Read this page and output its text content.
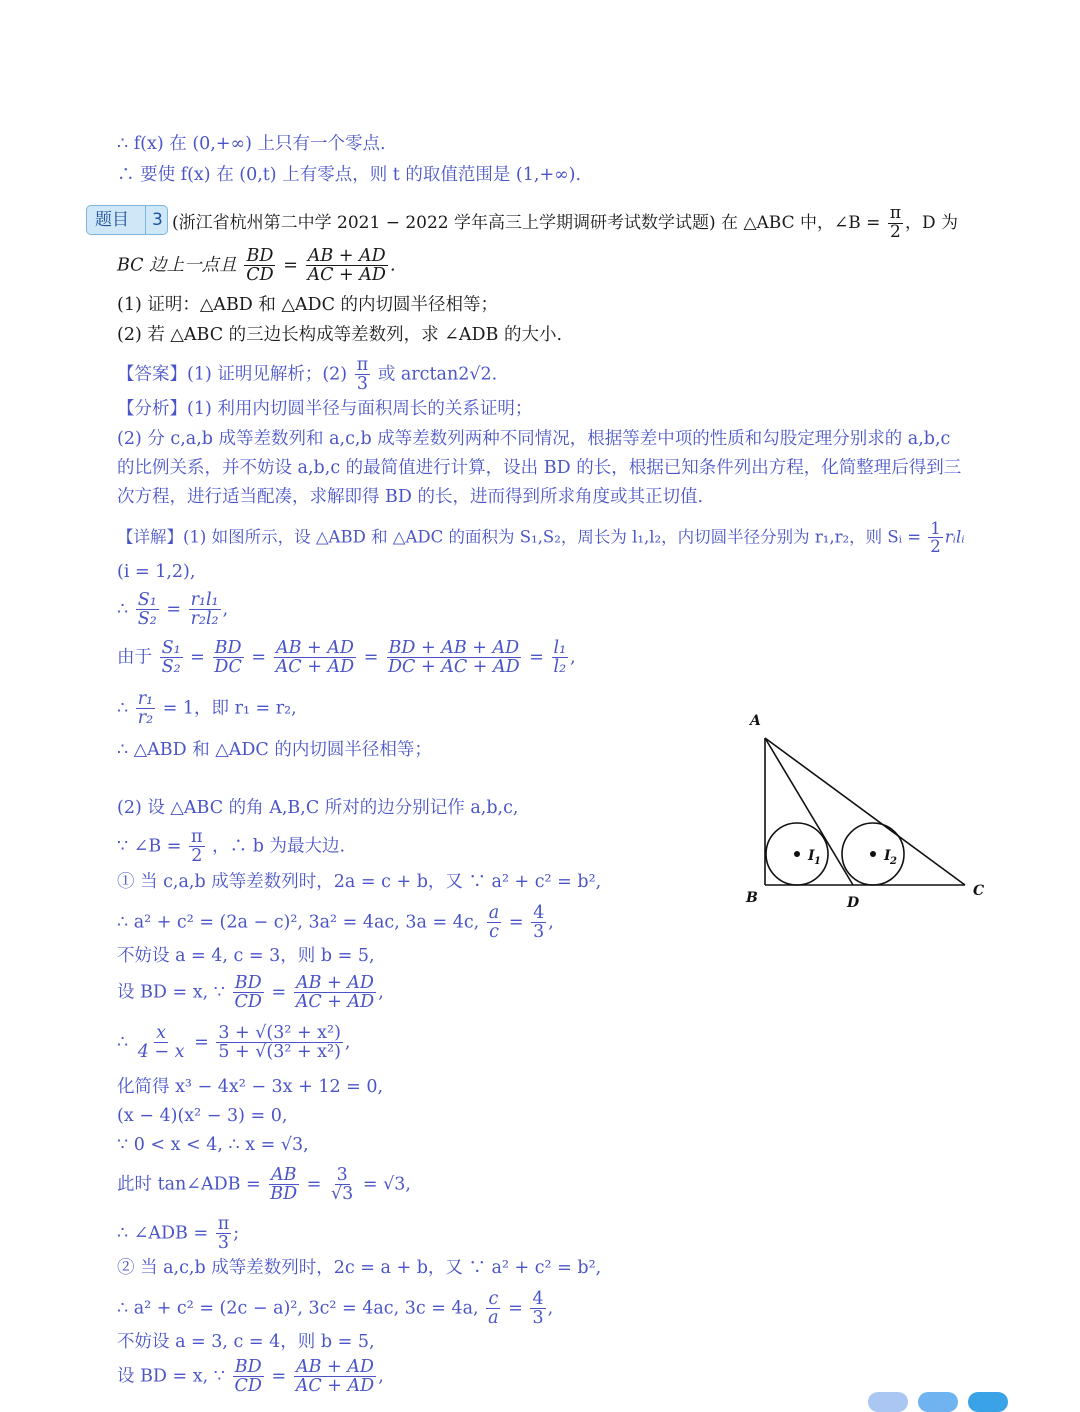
∴ f(x) 在 (0,+∞) 上只有一个零点.
∴ 要使 f(x) 在 (0,t) 上有零点，则 t 的取值范围是 (1,+∞).
题目	3 (浙江省杭州第二中学 2021 − 2022 学年高三上学期调研考试数学试题) 在 △ABC 中，∠B = $\frac{\pi}{2}$ ，D 为
BC 边上一点且 $\frac{BD}{CD} = \frac{AB + AD}{AC + AD}$ .
(1) 证明：△ABD 和 △ADC 的内切圆半径相等；
(2) 若 △ABC 的三边长构成等差数列，求 ∠ADB 的大小.
【答案】(1) 证明见解析；$(2) \frac{\pi}{3}$ 或 arctan2√2.
【分析】(1) 利用内切圆半径与面积周长的关系证明；
(2) 分 c,a,b 成等差数列和 a,c,b 成等差数列两种不同情况，根据等差中项的性质和勾股定理分别求的 a,b,c
的比例关系，并不妨设 a,b,c 的最简值进行计算，设出 BD 的长，根据已知条件列出方程，化简整理后得到三
次方程，进行适当配凑，求解即得 BD 的长，进而得到所求角度或其正切值.
【详解】(1) 如图所示，设 △ABD 和 △ADC 的面积为 S₁,S₂，周长为 l₁,l₂，内切圆半径分别为 r₁,r₂，则 Sᵢ = $\frac{1}{2}$ rᵢlᵢ
(i = 1,2),
∴ $\frac{\text{S₁}}{\text{S₂}} = \frac{\text{r₁l₁}}{\text{r₂l₂}}$ ,
由于 $\frac{\text{S₁}}{\text{S₂}} = \frac{BD}{DC} = \frac{AB + AD}{AC + AD} = \frac{BD + AB + AD}{DC + AC + AD} = \frac{\text{l₁}}{\text{l₂}}$ ,
∴ $\frac{\text{r₁}}{\text{r₂}} = 1$，即 r₁ = r₂,
∴ △ABD 和 △ADC 的内切圆半径相等；
(2) 设 △ABC 的角 A,B,C 所对的边分别记作 a,b,c,
∵ ∠B = $\frac{\pi}{2}$ ，∴ b 为最大边.
① 当 c,a,b 成等差数列时，2a = c + b，又 ∵ a² + c² = b²,
∴ a² + c² = (2a − c)², 3a² = 4ac, 3a = 4c, $\frac{a}{c} = \frac{4}{3}$ ,
不妨设 a = 4, c = 3，则 b = 5,
设 BD = x, ∵ $\frac{BD}{CD} = \frac{AB + AD}{AC + AD}$ ,
∴ $\frac{x}{4 - x} = \frac{\text{3 + √(3² + x²)}}{\text{5 + √(3² + x²)}}$ ,
化简得 x³ − 4x² − 3x + 12 = 0,
(x − 4)(x² − 3) = 0,
∵ 0 < x < 4, ∴ x = √3,
此时 tan∠ADB = $\frac{AB}{BD} = \frac{3}{√3} = √3$,
∴ ∠ADB = $\frac{\pi}{3}$ ;
② 当 a,c,b 成等差数列时，2c = a + b，又 ∵ a² + c² = b²,
∴ a² + c² = (2c − a)², 3c² = 4ac, 3c = 4a, $\frac{c}{a} = \frac{4}{3}$ ,
不妨设 a = 3, c = 4，则 b = 5,
设 BD = x, ∵ $\frac{BD}{CD} = \frac{AB + AD}{AC + AD}$ ,
A
B	C
D
I 1	I 2
